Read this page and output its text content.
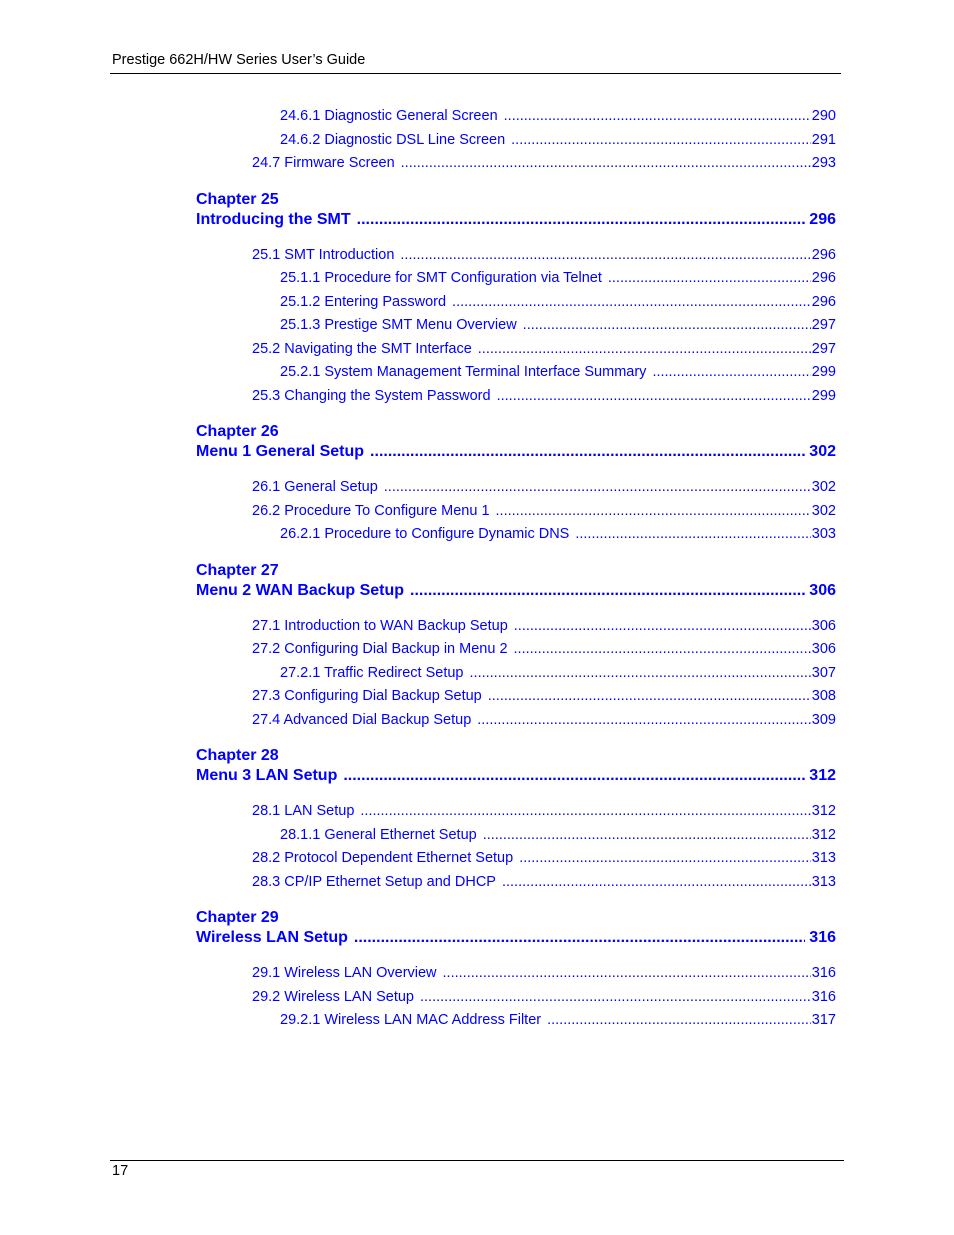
Prestige 662H/HW Series User’s Guide
24.6.1 Diagnostic General Screen .....	290
24.6.2 Diagnostic DSL Line Screen .....	291
24.7 Firmware Screen .....	293
Chapter 25
Introducing the SMT .....	296
25.1 SMT Introduction .....	296
25.1.1 Procedure for SMT Configuration via Telnet .....	296
25.1.2 Entering Password .....	296
25.1.3 Prestige SMT Menu Overview .....	297
25.2 Navigating the SMT Interface .....	297
25.2.1 System Management Terminal Interface Summary .....	299
25.3 Changing the System Password .....	299
Chapter 26
Menu 1 General Setup .....	302
26.1 General Setup .....	302
26.2 Procedure To Configure Menu 1 .....	302
26.2.1 Procedure to Configure Dynamic DNS .....	303
Chapter 27
Menu 2 WAN Backup Setup .....	306
27.1 Introduction to WAN Backup Setup .....	306
27.2 Configuring Dial Backup in Menu 2 .....	306
27.2.1 Traffic Redirect Setup .....	307
27.3 Configuring Dial Backup Setup .....	308
27.4 Advanced Dial Backup Setup .....	309
Chapter 28
Menu 3 LAN Setup .....	312
28.1 LAN Setup .....	312
28.1.1 General Ethernet Setup .....	312
28.2 Protocol Dependent Ethernet Setup .....	313
28.3 CP/IP Ethernet Setup and DHCP .....	313
Chapter 29
Wireless LAN Setup .....	316
29.1 Wireless LAN Overview .....	316
29.2 Wireless LAN Setup .....	316
29.2.1 Wireless LAN MAC Address Filter .....	317
17
